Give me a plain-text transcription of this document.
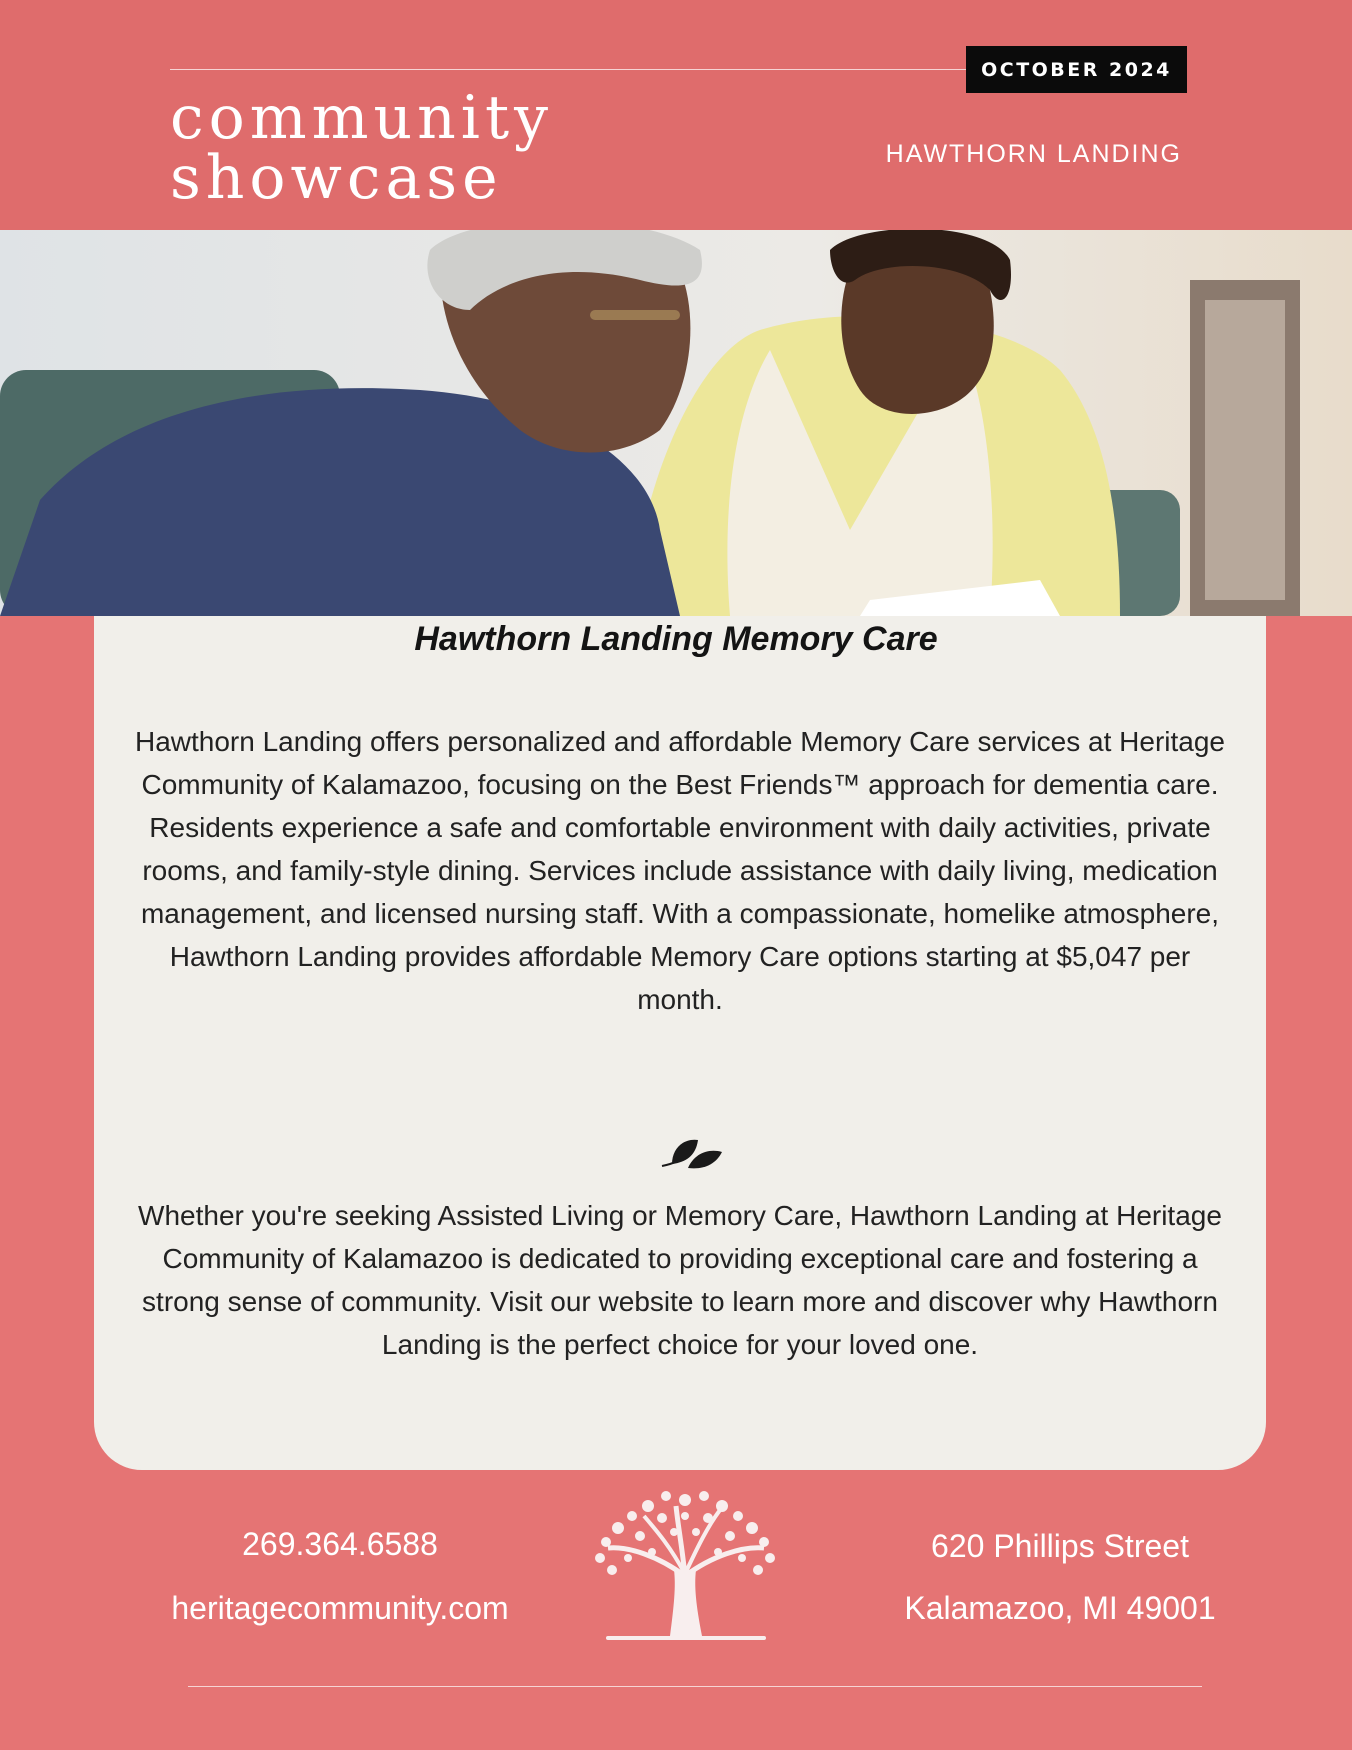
OCTOBER 2024
community
showcase	HAWTHORN LANDING
Hawthorn Landing Memory Care
Hawthorn Landing offers personalized and affordable Memory Care services at Heritage Community of Kalamazoo, focusing on the Best Friends™ approach for dementia care. Residents experience a safe and comfortable environment with daily activities, private rooms, and family-style dining. Services include assistance with daily living, medication management, and licensed nursing staff. With a compassionate, homelike atmosphere, Hawthorn Landing provides affordable Memory Care options starting at $5,047 per month.
Whether you're seeking Assisted Living or Memory Care, Hawthorn Landing at Heritage Community of Kalamazoo is dedicated to providing exceptional care and fostering a strong sense of community. Visit our website to learn more and discover why Hawthorn Landing is the perfect choice for your loved one.
269.364.6588
heritagecommunity.com
620 Phillips Street
Kalamazoo, MI 49001
